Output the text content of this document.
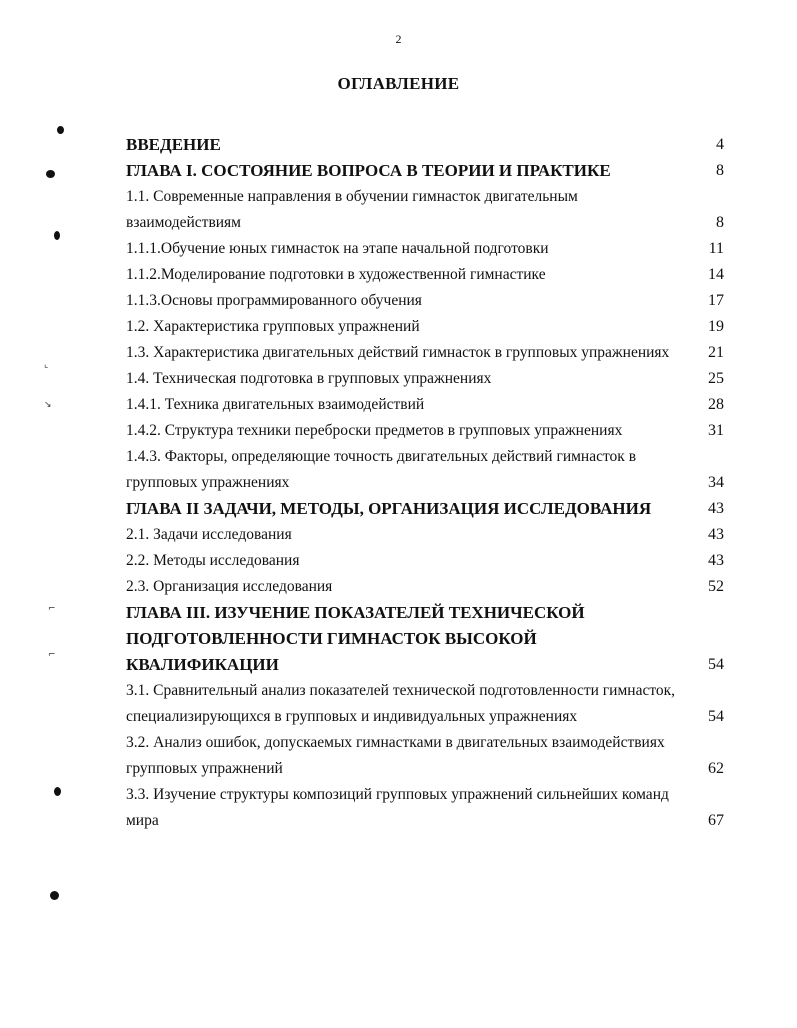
2
ОГЛАВЛЕНИЕ
ВВЕДЕНИЕ	4
ГЛАВА I. СОСТОЯНИЕ ВОПРОСА В ТЕОРИИ И ПРАКТИКЕ	8
1.1. Современные направления в обучении гимнасток двигательным взаимодействиям	8
1.1.1.Обучение юных гимнасток на этапе начальной подготовки	11
1.1.2.Моделирование подготовки в художественной гимнастике	14
1.1.3.Основы программированного обучения	17
1.2. Характеристика групповых упражнений	19
1.3. Характеристика двигательных действий гимнасток в групповых упражнениях	21
1.4. Техническая подготовка в групповых упражнениях	25
1.4.1. Техника двигательных взаимодействий	28
1.4.2. Структура техники переброски предметов в групповых упражнениях	31
1.4.3. Факторы, определяющие точность двигательных действий гимнасток в групповых упражнениях	34
ГЛАВА II ЗАДАЧИ, МЕТОДЫ, ОРГАНИЗАЦИЯ ИССЛЕДОВАНИЯ	43
2.1. Задачи исследования	43
2.2. Методы исследования	43
2.3. Организация исследования	52
ГЛАВА III. ИЗУЧЕНИЕ ПОКАЗАТЕЛЕЙ ТЕХНИЧЕСКОЙ ПОДГОТОВЛЕННОСТИ ГИМНАСТОК ВЫСОКОЙ КВАЛИФИКАЦИИ	54
3.1. Сравнительный анализ показателей технической подготовленности гимнасток, специализирующихся в групповых и индивидуальных упражнениях	54
3.2. Анализ ошибок, допускаемых гимнастками в двигательных взаимодействиях групповых упражнений	62
3.3. Изучение структуры композиций групповых упражнений сильнейших команд мира	67
⌞
↘
⌐
⌐
